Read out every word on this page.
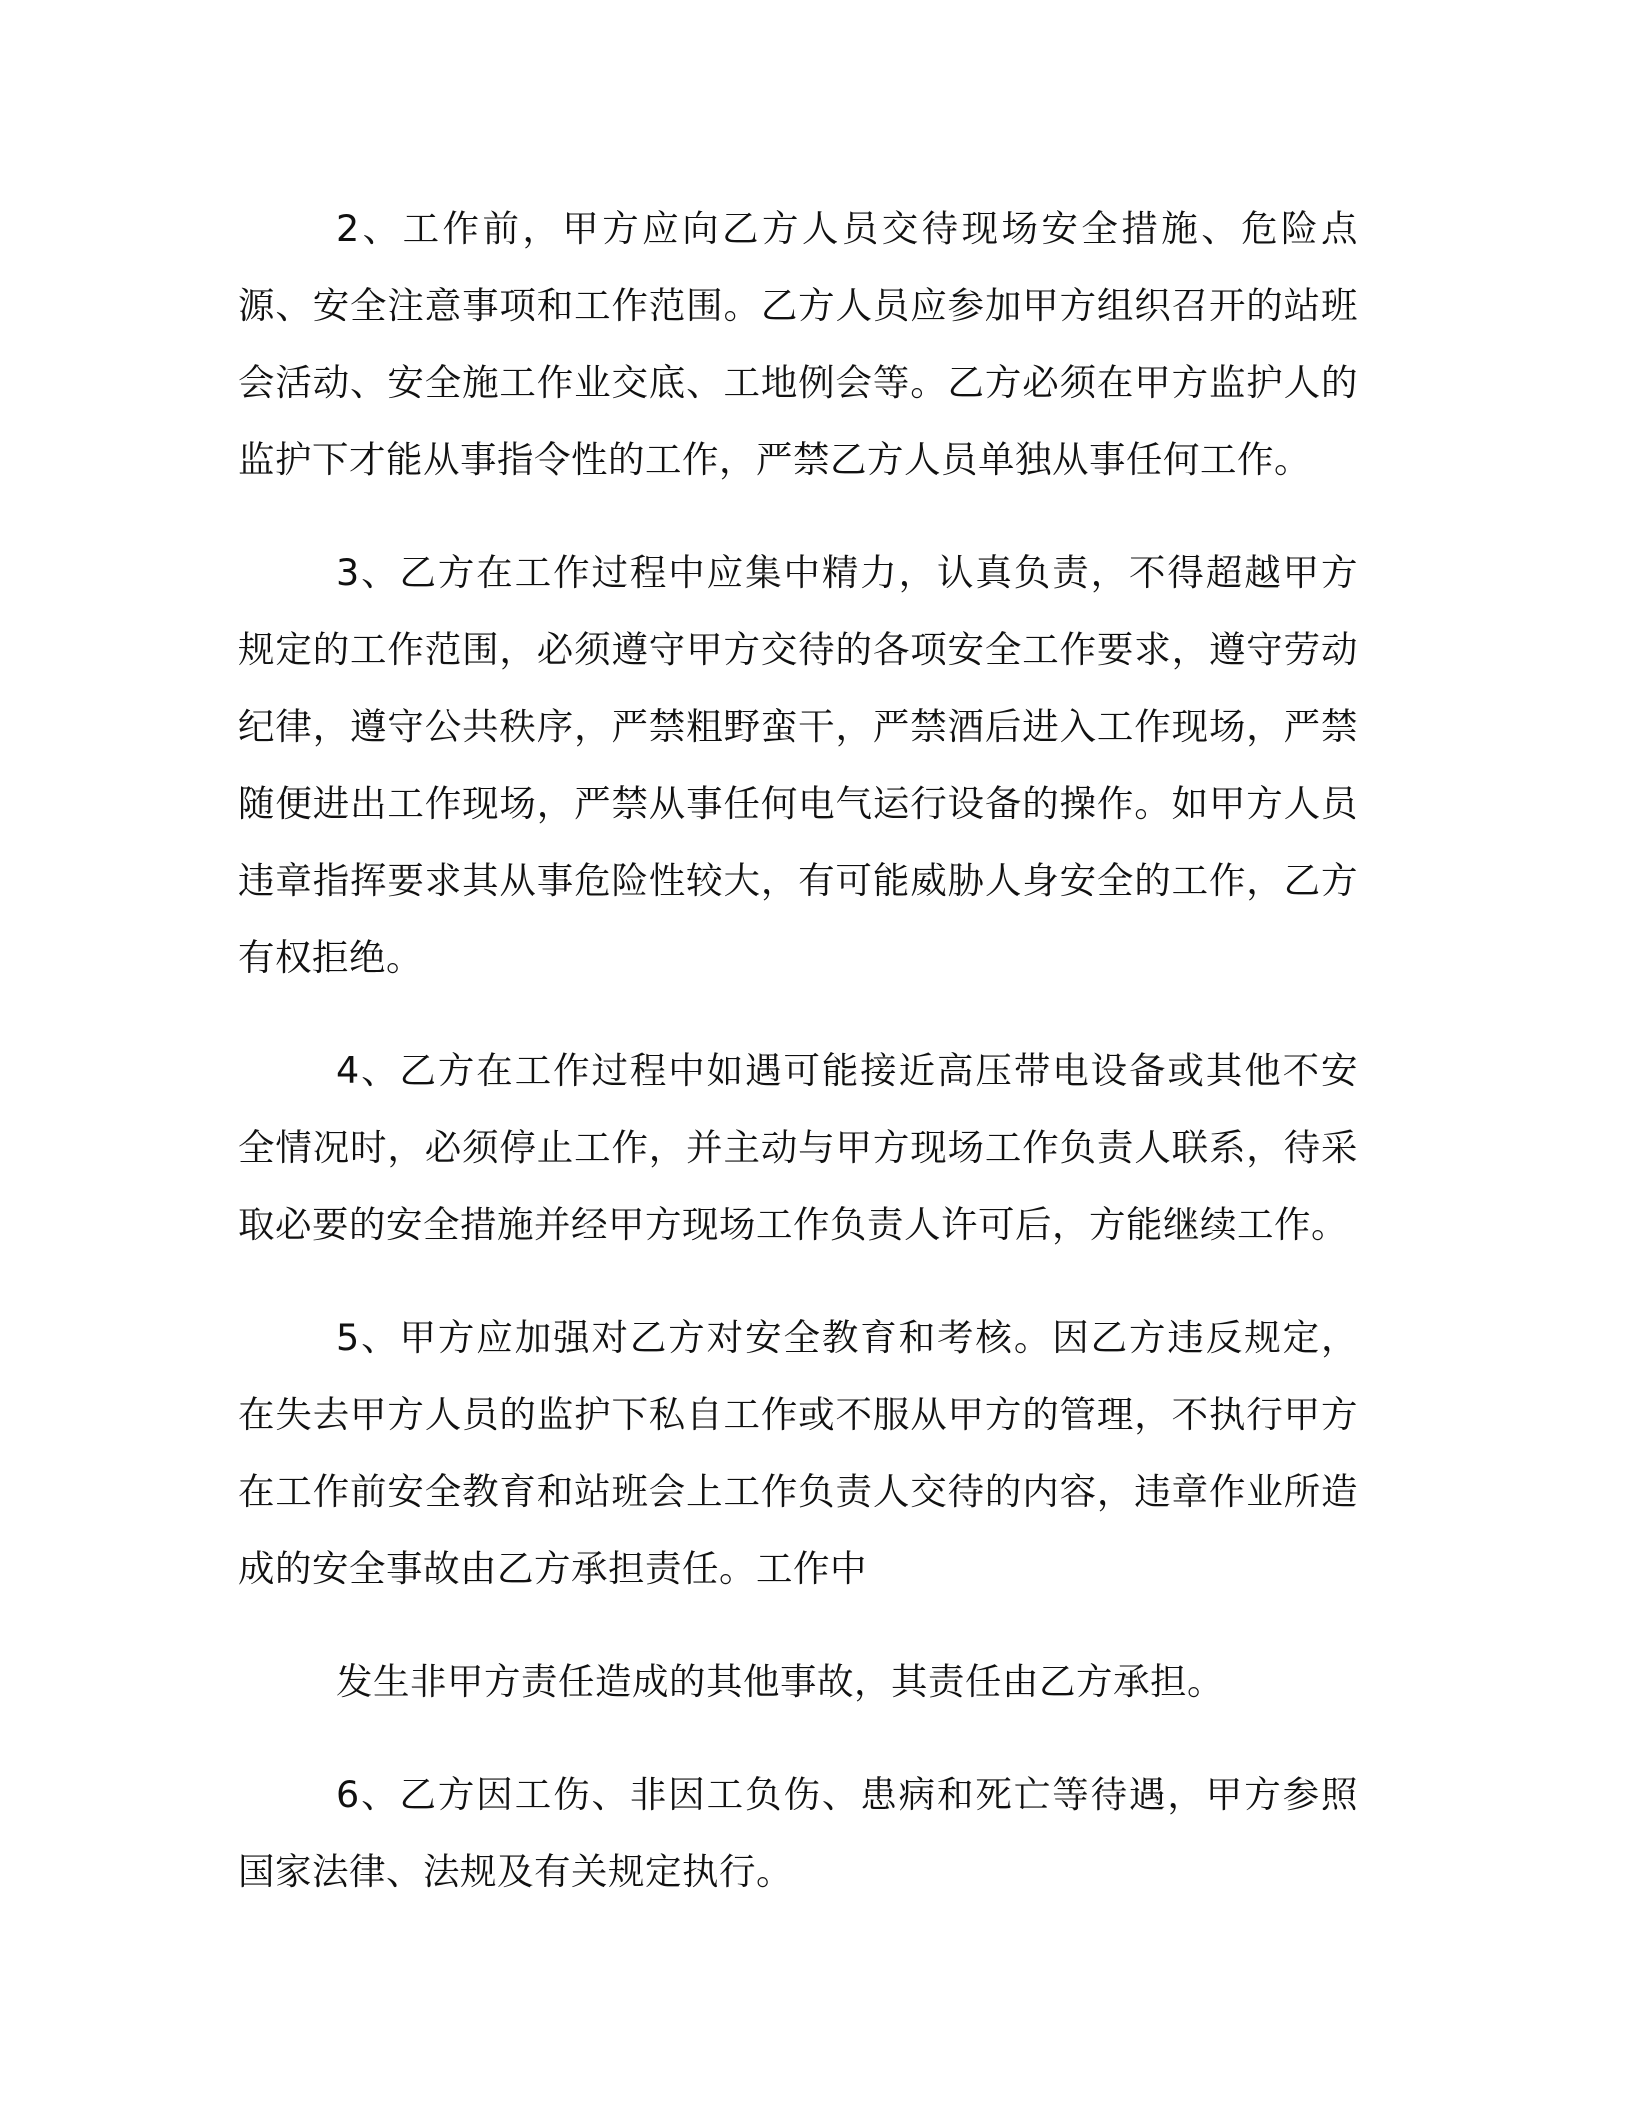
2、工作前，甲方应向乙方人员交待现场安全措施、危险点源、安全注意事项和工作范围。乙方人员应参加甲方组织召开的站班会活动、安全施工作业交底、工地例会等。乙方必须在甲方监护人的监护下才能从事指令性的工作，严禁乙方人员单独从事任何工作。

3、乙方在工作过程中应集中精力，认真负责，不得超越甲方规定的工作范围，必须遵守甲方交待的各项安全工作要求，遵守劳动纪律，遵守公共秩序，严禁粗野蛮干，严禁酒后进入工作现场，严禁随便进出工作现场，严禁从事任何电气运行设备的操作。如甲方人员违章指挥要求其从事危险性较大，有可能威胁人身安全的工作，乙方有权拒绝。

4、乙方在工作过程中如遇可能接近高压带电设备或其他不安全情况时，必须停止工作，并主动与甲方现场工作负责人联系，待采取必要的安全措施并经甲方现场工作负责人许可后，方能继续工作。

5、甲方应加强对乙方对安全教育和考核。因乙方违反规定，在失去甲方人员的监护下私自工作或不服从甲方的管理，不执行甲方在工作前安全教育和站班会上工作负责人交待的内容，违章作业所造成的安全事故由乙方承担责任。工作中

发生非甲方责任造成的其他事故，其责任由乙方承担。

6、乙方因工伤、非因工负伤、患病和死亡等待遇，甲方参照国家法律、法规及有关规定执行。
